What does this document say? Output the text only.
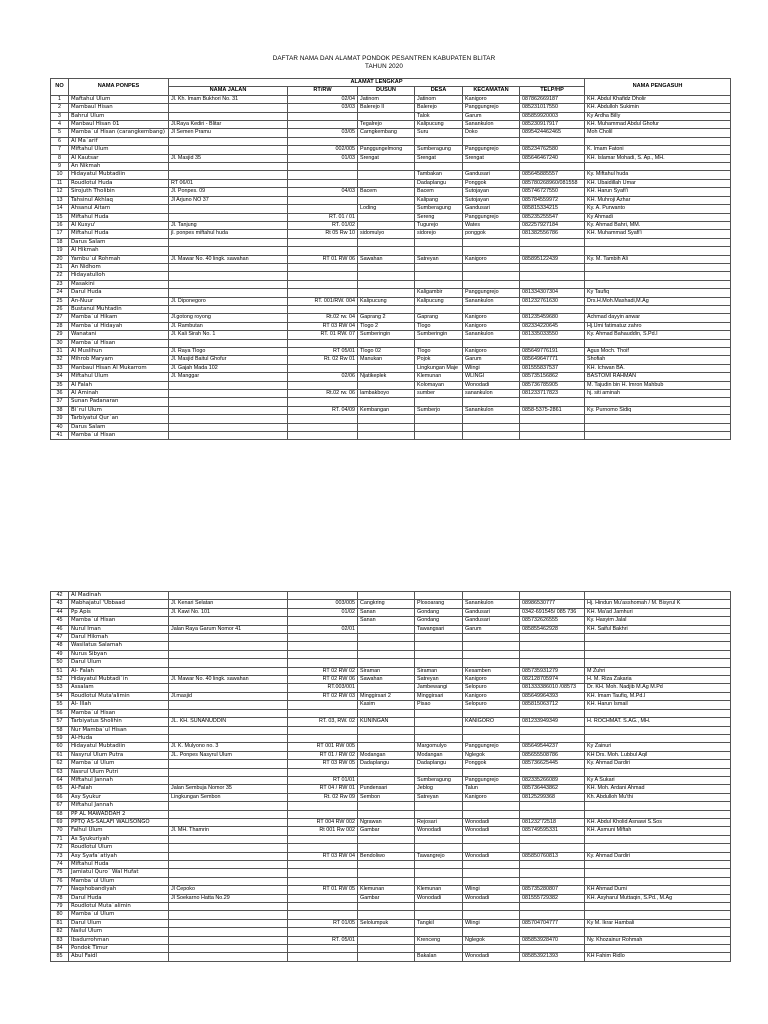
DAFTAR NAMA DAN ALAMAT PONDOK PESANTREN KABUPATEN BLITAR
TAHUN 2020
NO	NAMA PONPES	ALAMAT LENGKAP						NAMA PENGASUH
		NAMA JALAN	RT/RW	DUSUN	DESA	KECAMATAN	TELP/HP	
1	Maftahul Ulum	Jl. Kh. Imam Bukhori No. 31	02/04	Jatinom	Jatinom	Kanigoro	087862669187	KH. Abdul Khafidz Dholir
2	Mambaul Hisan		03/03	Balerejo II	Balerejo	Panggungrejo	085231017550	KH. Abdulloh Sukimin
3	Bahrul Ulum				Talok	Garum	085859920003	Ky Ardha Billy
4	Manbaul Hisan 01	Jl.Raya Kediri - Blitar		Tegalrejo	Kalipucung	Sanankulon	085230917917	KH. Muhammad Abdul Ghofur
5	Mamba`ul Hisan (carangkembang)	Jl Semen Pramu	03/05	Carngkembang	Suru	Doko	0895424462465	Moh Cholil
6	Al Ma`arif							
7	Miftahul Ulum		002/005	Panggungelmong	Sumberagung	Panggungrejo	085234762580	K. Imam Fatoni
8	Al Kautsar	Jl. Masjid 35	01/03	Srengat	Srengat	Srengat	085646467240	KH. Islamar Mohadi, S. Ap., MH.
9	An Nikmah							
10	Hidayatul Mubtadiin				Tambakan	Gandusari	085645885557	Ky. Miftahul huda
11	Roudlotul Huda	RT 06/01			Dadaplangu	Ponggok	085780268960/081558	KH. Ubaidillah Umar
12	Sirojuth Tholibin	Jl. Ponpes. 09	04/03	Bacem	Bacem	Sutojayan	085746727550	KH. Harun Syafi'i
13	Tahsinul Akhlaq	Jl Arjuno NO 37			Kalipang	Sutojayan	085784559972	KH. Muhroji Azhar
14	Ahsanul Aitam			Loding	Sumberagung	Gandusari	085815334215	Ky. A. Purwanto
15	Miftahul Huda		RT. 01 / 01		Sereng	Panggungrejo	085235255547	Ky Ahmadi
16	Al Kusyu'	Jl. Tanjung	RT. 01/02		Tugurejo	Wates	082257927184	Ky. Ahmad Bahri, MM.
17	Miftahul Huda	jl. ponpes miftahul huda	Rt 05 Rw 10	sidomulyo	sidorejo	ponggok	081382556786	KH. Muhammad Syafi'i
18	Darus Salam							
19	Al Hikmah							
20	Yambu`ul Rohmah	Jl. Mawar No. 40 lingk. sawahan	RT 01 RW 06	Sawahan	Satreyan	Kanigoro	085895122439	Ky. M. Tambih Ali
21	An Nidhom							
22	Hidayatulloh							
23	Masakini							
24	Darul Huda				Kaligambir	Panggungrejo	081334307304	Ky Taufiq
25	An-Nuur	Jl. Diponegoro	RT. 001/RW. 004	Kalipucung	Kalipucung	Sanankulon	081232761630	Drs.H.Moh.Mashadi,M.Ag
26	Bustanul Muhtadin							
27	Mamba`ul Hikam	Jl.gotong royong	Rt.02 rw. 04	Gaprang 2	Gaprang	Kanigoro	081235459680	Achmad dayyin anwar
28	Mamba`ul Hidayah	Jl. Rambutan	RT 03 RW 04	Tlogo 2	Tlogo	Kanigoro	082334220645	Hj.Umi fatimatuz zahro
29	Wanatani	Jl. Kali Sirah No. 1	RT. 01 RW. 07	Sumberingin	Sumberingin	Sanankulon	081335033550	Ky. Ahmad Bahauddin, S.Pd.I
30	Mamba`ul Hisan							
31	Al Muslihun	Jl. Raya Tlogo	RT 05/01	Tlogo 02	Tlogo	Kanigoro	085649776191	Agus Moch. Thoif
32	Mihrob Maryam	Jl. Masjid Baitul Ghofur	Rt. 02 Rw 01	Manukan	Pojok	Garum	085649647771	Shofiah
33	Manbaul Hisan Al Mukarrom	Jl. Gajah Mada 102			Lingkungan Maje	Wlingi	081555837537	KH. Ichwan BA.
34	Miftahul Ulum	Jl. Manggar	02/06	Njatikeplek	Klemunan	WLINGI	085735156862	BASTOMI RAHMAN
35	Al Falah				Kolomayan	Wonodadi	085736785905	M. Tajudin bin H. Imron Mahbub
36	Al Aminah		Rt.02 rw. 06	lambakboyo	sumber	sanankulon	081233717823	hj. siti aminah
37	Sunan Padanaran							
38	Bi`rul Ulum		RT. 04/09	Kembangan	Sumberjo	Sanankulon	0858-5375-2861	Ky. Purnomo Sidiq
39	Tarbiyatul Qur`an							
40	Darus Salam							
41	Mamba`ul Hisan							
42	Al Madinah							
43	Mabhajatul 'Ubbaad	Jl. Kenari Selatan	003/005	Cangkring	Plosoarang	Sanankulon	08986530777	Hj. Hindun Mu'asshomah / M. Bisyrul K
44	Pp Apis	Jl. Kawi No. 101	01/02	Sanan	Gondang	Gandusari	0342-691545/ 085 736	KH. Ma'ad Jamhuri
45	Mamba`ul Hisan			Sanan	Gondang	Gandusari	085732626555	Ky. Hasyim Jalal
46	Nurul Iman	Jalan Raya Garum Nomor 41	02/01		Tawangsari	Garum	085855462928	KH. Saiful Bakhri
47	Darul Hikmah							
48	Wasilatus Salamah							
49	Nurus Sibyan							
50	Darul Ulum							
51	Al- Falah		RT 02 RW 02	Siraman	Siraman	Kesamben	085735931279	M Zuhri
52	Hidayatul Mubtadi`in	Jl. Mawar No. 40 lingk. sawahan	RT 02 RW 06	Sawahan	Satreyan	Kanigoro	082128705974	H. M. Riza Zakaria
53	Assalam		RT.003/001		Jambewangi	Selopuro	081333386010 /08573	Dr. KH. Moh. Nadjib M.Ag M.Pd
54	Roudlotul Muta'alimin	Jl.masjid	RT 02 RW 03	Minggirsari 2	Minggirsari	Kanigoro	085649964393	KH. Imam Taufiq, M.Pd.I
55	Al- Illah			Kasim	Pisao	Selopuro	085815063712	KH. Harun Ismail
56	Mamba`ul Hisan							
57	Tarbiyatus Sholihin	JL. KH. SUNANUDDIN	RT. 03, RW. 02	KUNINGAN		KANIGORO	081233949349	H. ROCHMAT. S.AG., MH.
58	Nur Mamba`ul Hisan							
59	Al-Huda							
60	Hidayatul Mubtadiin	Jl. K. Mulyono no. 3	RT 001 RW 005		Margomulyo	Panggungrejo	085649544237	Ky Zainuri
61	Nasyrul Ulum Putra	JL. Ponpes Nasyrul Ulum	RT 01 / RW 02	Modangan	Modangan	Nglegok	085655508786	KH Drs. Moh. Lubbul Aqil
62	Mamba`ul Ulum		RT 03 RW 05	Dadaplangu	Dadaplangu	Ponggok	085736625445	Ky. Ahmad Dardiri
63	Nasrul Ulum Putri							
64	Miftahul Jannah		RT 01/01		Sumberagung	Panggungrejo	082335266089	Ky A Sukari
65	Al-Falah	Jalan Sembuja Nomor 35	RT 04 / RW 01	Pundensari	Jeblog	Talun	085736443862	KH. Moh. Ardani Ahmad
66	Asy Syukur	Lingkungan Sembon	Rt. 02 Rw 09	Sembon	Satreyan	Kanigoro	08125299368	Kh. Abdulloh Mu'thi
67	Miftahul Jannah							
68	PP AL MAWADDAH 2							
69	PPTQ AS-SALAFI WALISONGO		RT 004 RW 002	Ngrawan	Rejosari	Wonodadi	081232'72518	KH. Abdul Kholid Asnawi S.Sos
70	Falhul Ulum	Jl. MH. Thamrin	Rt 001 Rw 002	Gambar	Wonodadi	Wonodadi	085749595331	KH. Asmuni Miftah
71	As Syukuriyah							
72	Roudlotul Ulum							
73	Asy Syafa`atiyah		RT 03 RW 04	Bendoliwo	Tawangrejo	Wonodadi	085850760813	Ky. Ahmad Dardiri
74	Miftahul Huda							
75	Jamiatul Quro` Wal Hufat							
76	Mamba`ul Ulum							
77	Naqshobandiyah	Jl Cepoko	RT 01 RW 05	Klemunan	Klemunan	Wlingi	085735280807	KH Ahmad Dumi
78	Darul Huda	Jl Soekarno Hatta No.29		Gambar	Wonodadi	Wonodadi	081555729382	KH. Asyharul Muttaqin, S.Pd., M.Ag
79	Roudlotul Muta`alimin							
80	Mamba`ul Ulum							
81	Darul Ulum		RT 01/05	Selolumpuk	Tangkil	Wlingi	085704704777	Ky M. Ikrar Hambali
82	Nailul Ulum							
83	Ibadurrohman		RT. 05/01		Krenceng	Nglegok	085853928470	Ny. Khozainur Rohmah
84	Pondok Timur							
85	Abul Faidl				Bakalan	Wonodadi	085853921393	KH Fahim Ridlo
